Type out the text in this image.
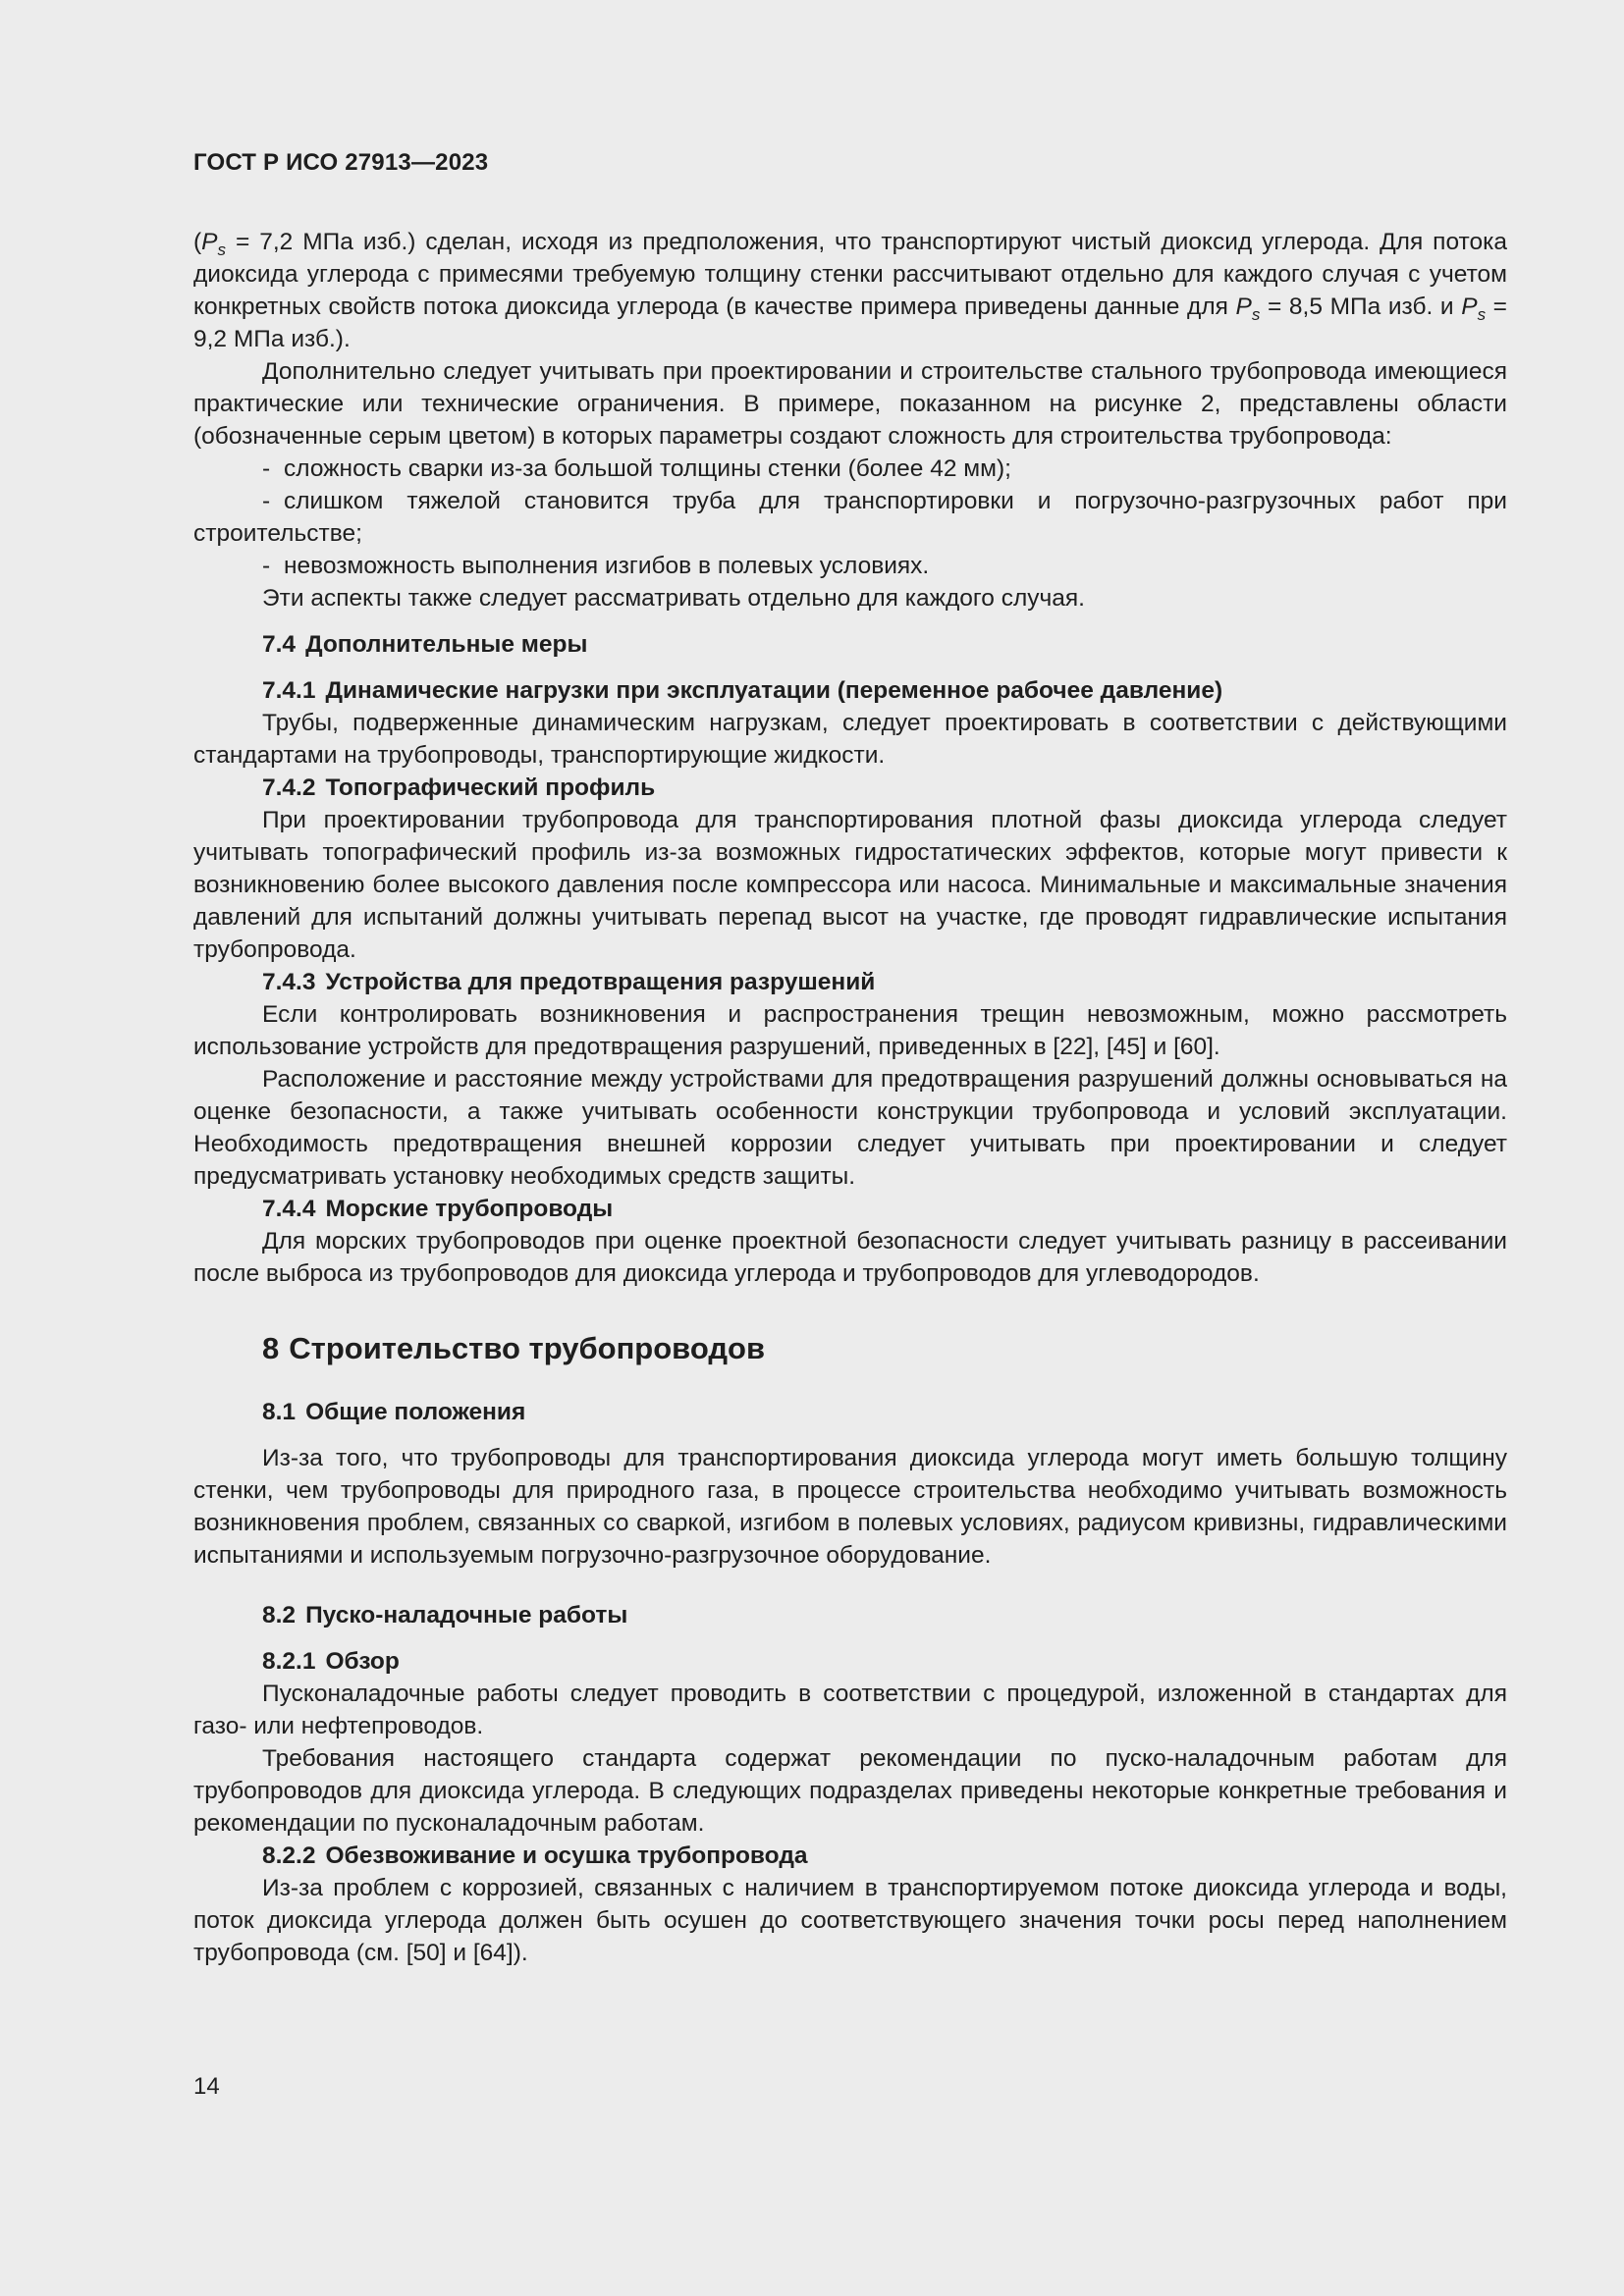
ГОСТ Р ИСО 27913—2023

($P_s = 7,2$ МПа изб.) сделан, исходя из предположения, что транспортируют чистый диоксид углерода. Для потока диоксида углерода с примесями требуемую толщину стенки рассчитывают отдельно для каждого случая с учетом конкретных свойств потока диоксида углерода (в качестве примера приведены данные для $P_s = 8,5$ МПа изб. и $P_s = 9,2$ МПа изб.).

Дополнительно следует учитывать при проектировании и строительстве стального трубопровода имеющиеся практические или технические ограничения. В примере, показанном на рисунке 2, представлены области (обозначенные серым цветом) в которых параметры создают сложность для строительства трубопровода:

- сложность сварки из-за большой толщины стенки (более 42 мм);

- слишком тяжелой становится труба для транспортировки и погрузочно-разгрузочных работ при строительстве;

- невозможность выполнения изгибов в полевых условиях.

Эти аспекты также следует рассматривать отдельно для каждого случая.

7.4 Дополнительные меры

7.4.1 Динамические нагрузки при эксплуатации (переменное рабочее давление)

Трубы, подверженные динамическим нагрузкам, следует проектировать в соответствии с действующими стандартами на трубопроводы, транспортирующие жидкости.

7.4.2 Топографический профиль

При проектировании трубопровода для транспортирования плотной фазы диоксида углерода следует учитывать топографический профиль из-за возможных гидростатических эффектов, которые могут привести к возникновению более высокого давления после компрессора или насоса. Минимальные и максимальные значения давлений для испытаний должны учитывать перепад высот на участке, где проводят гидравлические испытания трубопровода.

7.4.3 Устройства для предотвращения разрушений

Если контролировать возникновения и распространения трещин невозможным, можно рассмотреть использование устройств для предотвращения разрушений, приведенных в [22], [45] и [60].

Расположение и расстояние между устройствами для предотвращения разрушений должны основываться на оценке безопасности, а также учитывать особенности конструкции трубопровода и условий эксплуатации. Необходимость предотвращения внешней коррозии следует учитывать при проектировании и следует предусматривать установку необходимых средств защиты.

7.4.4 Морские трубопроводы

Для морских трубопроводов при оценке проектной безопасности следует учитывать разницу в рассеивании после выброса из трубопроводов для диоксида углерода и трубопроводов для углеводородов.

8 Строительство трубопроводов

8.1 Общие положения

Из-за того, что трубопроводы для транспортирования диоксида углерода могут иметь большую толщину стенки, чем трубопроводы для природного газа, в процессе строительства необходимо учитывать возможность возникновения проблем, связанных со сваркой, изгибом в полевых условиях, радиусом кривизны, гидравлическими испытаниями и используемым погрузочно-разгрузочное оборудование.

8.2 Пуско-наладочные работы

8.2.1 Обзор

Пусконаладочные работы следует проводить в соответствии с процедурой, изложенной в стандартах для газо- или нефтепроводов.

Требования настоящего стандарта содержат рекомендации по пуско-наладочным работам для трубопроводов для диоксида углерода. В следующих подразделах приведены некоторые конкретные требования и рекомендации по пусконаладочным работам.

8.2.2 Обезвоживание и осушка трубопровода

Из-за проблем с коррозией, связанных с наличием в транспортируемом потоке диоксида углерода и воды, поток диоксида углерода должен быть осушен до соответствующего значения точки росы перед наполнением трубопровода (см. [50] и [64]).

14
